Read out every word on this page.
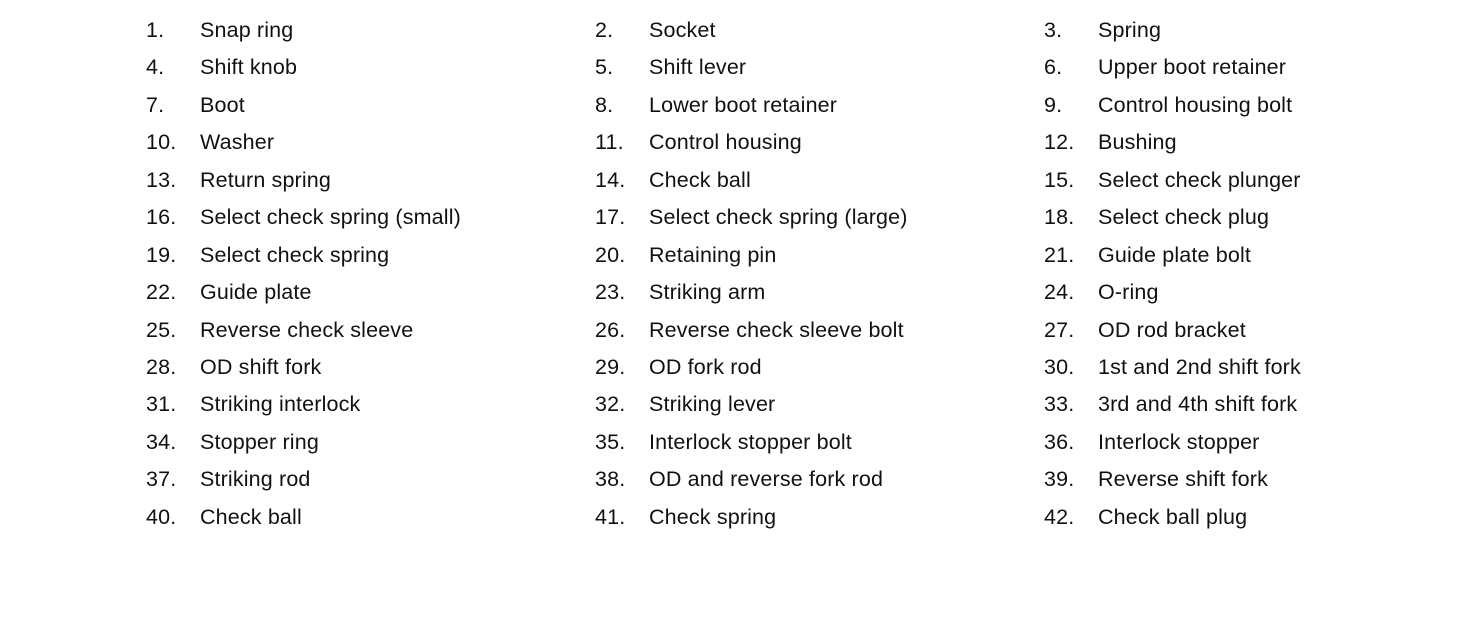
1. Snap ring	2. Socket	3. Spring
4. Shift knob	5. Shift lever	6. Upper boot retainer
7. Boot	8. Lower boot retainer	9. Control housing bolt
10. Washer	11. Control housing	12. Bushing
13. Return spring	14. Check ball	15. Select check plunger
16. Select check spring (small)	17. Select check spring (large)	18. Select check plug
19. Select check spring	20. Retaining pin	21. Guide plate bolt
22. Guide plate	23. Striking arm	24. O-ring
25. Reverse check sleeve	26. Reverse check sleeve bolt	27. OD rod bracket
28. OD shift fork	29. OD fork rod	30. 1st and 2nd shift fork
31. Striking interlock	32. Striking lever	33. 3rd and 4th shift fork
34. Stopper ring	35. Interlock stopper bolt	36. Interlock stopper
37. Striking rod	38. OD and reverse fork rod	39. Reverse shift fork
40. Check ball	41. Check spring	42. Check ball plug
